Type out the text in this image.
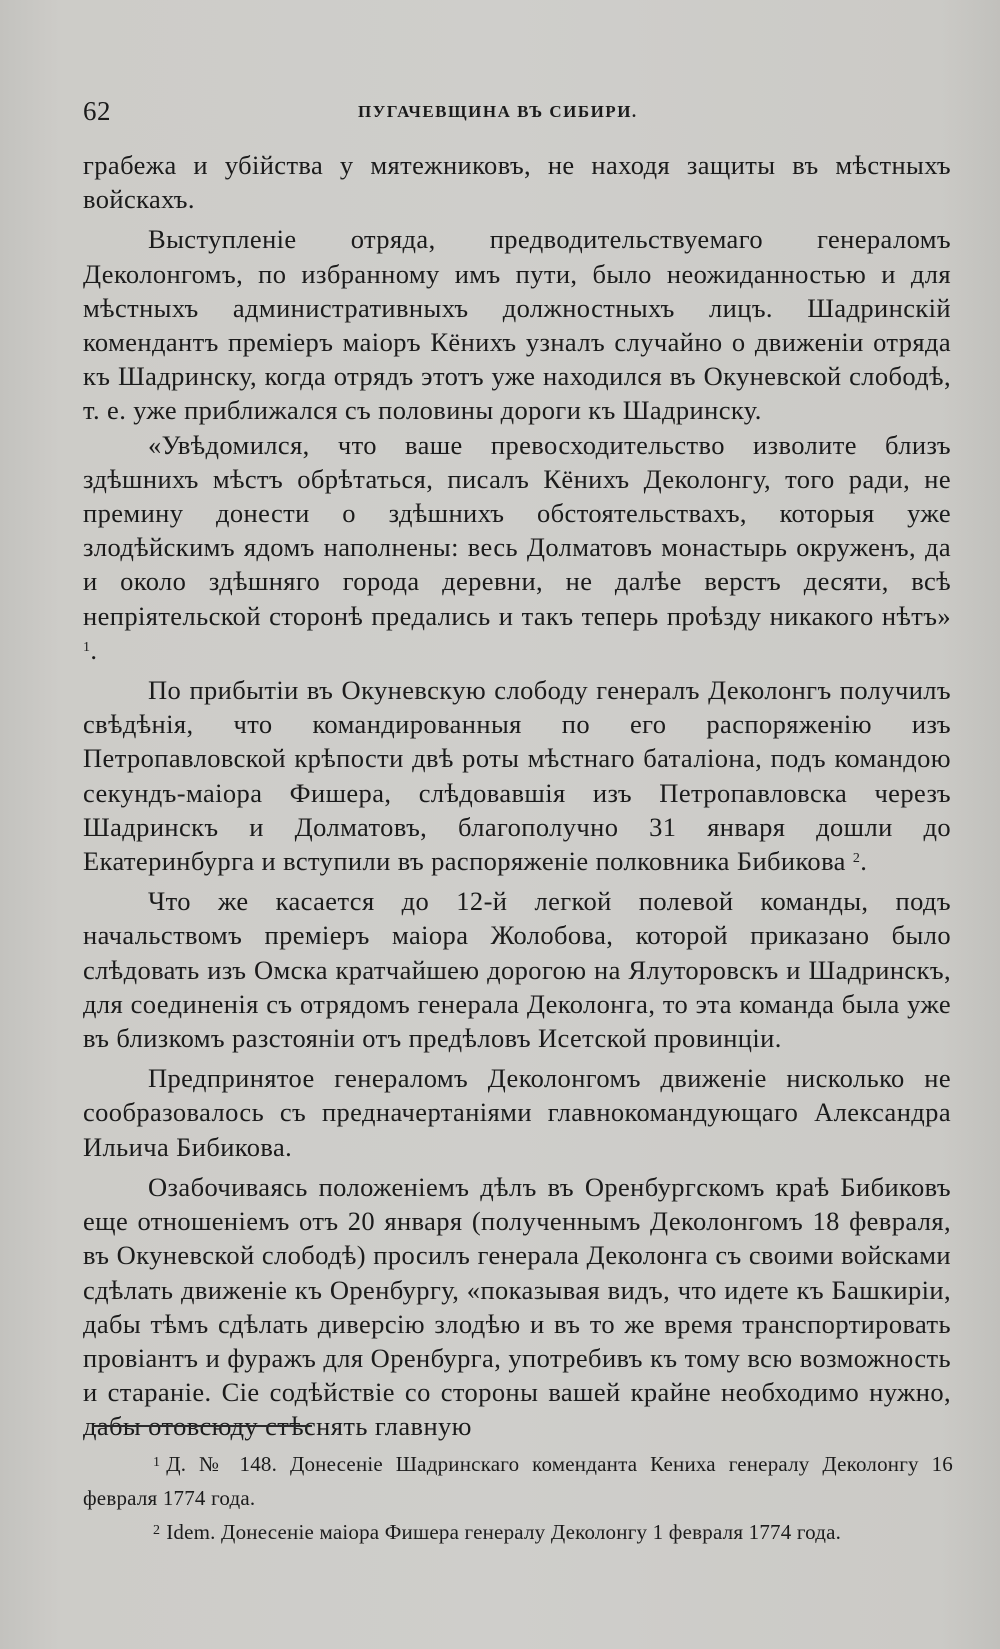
62	ПУГАЧЕВЩИНА ВЪ СИБИРИ.

грабежа и убійства у мятежниковъ, не находя защиты въ мѣстныхъ войскахъ.

Выступленіе отряда, предводительствуемаго генераломъ Деколонгомъ, по избранному имъ пути, было неожиданностью и для мѣстныхъ административныхъ должностныхъ лицъ. Шадринскій комендантъ преміеръ маіоръ Кёнихъ узналъ случайно о движеніи отряда къ Шадринску, когда отрядъ этотъ уже находился въ Окуневской слободѣ, т. е. уже приближался съ половины дороги къ Шадринску.

«Увѣдомился, что ваше превосходительство изволите близъ здѣшнихъ мѣстъ обрѣтаться, писалъ Кёнихъ Деколонгу, того ради, не премину донести о здѣшнихъ обстоятельствахъ, которыя уже злодѣйскимъ ядомъ наполнены: весь Долматовъ монастырь окруженъ, да и около здѣшняго города деревни, не далѣе верстъ десяти, всѣ непріятельской сторонѣ предались и такъ теперь проѣзду никакого нѣтъ» $^1$.

По прибытіи въ Окуневскую слободу генералъ Деколонгъ получилъ свѣдѣнія, что командированныя по его распоряженію изъ Петропавловской крѣпости двѣ роты мѣстнаго баталіона, подъ командою секундъ-маіора Фишера, слѣдовавшія изъ Петропавловска черезъ Шадринскъ и Долматовъ, благополучно 31 января дошли до Екатеринбурга и вступили въ распоряженіе полковника Бибикова $^2$.

Что же касается до 12-й легкой полевой команды, подъ начальствомъ преміеръ маіора Жолобова, которой приказано было слѣдовать изъ Омска кратчайшею дорогою на Ялуторовскъ и Шадринскъ, для соединенія съ отрядомъ генерала Деколонга, то эта команда была уже въ близкомъ разстояніи отъ предѣловъ Исетской провинціи.

Предпринятое генераломъ Деколонгомъ движеніе нисколько не сообразовалось съ предначертаніями главнокомандующаго Александра Ильича Бибикова.

Озабочиваясь положеніемъ дѣлъ въ Оренбургскомъ краѣ Бибиковъ еще отношеніемъ отъ 20 января (полученнымъ Деколонгомъ 18 февраля, въ Окуневской слободѣ) просилъ генерала Деколонга съ своими войсками сдѣлать движеніе къ Оренбургу, «показывая видъ, что идете къ Башкиріи, дабы тѣмъ сдѣлать диверсію злодѣю и въ то же время транспортировать провіантъ и фуражъ для Оренбурга, употребивъ къ тому всю возможность и стараніе. Сіе содѣйствіе со стороны вашей крайне необходимо нужно, дабы отовсюду стѣснять главную

$^1$ Д. № 148. Донесеніе Шадринскаго коменданта Кениха генералу Деколонгу 16 февраля 1774 года.

$^2$ Idem. Донесеніе маіора Фишера генералу Деколонгу 1 февраля 1774 года.
